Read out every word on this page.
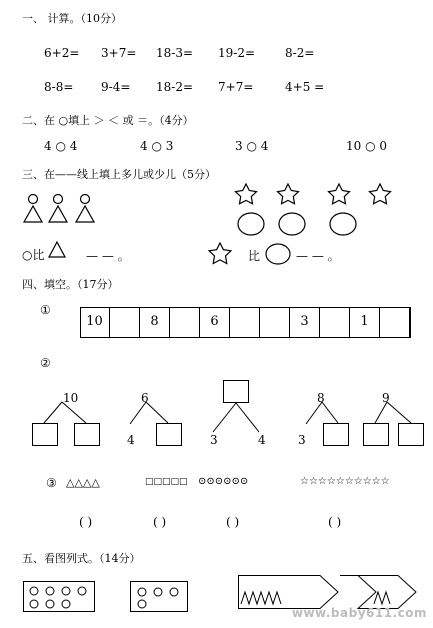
一、 计算。（10分）
6+2= 3+7= 18-3= 19-2= 8-2=
8-8= 9-4= 18-2= 7+7=	4+5 =
二、在 ○填上 ＞ ＜ 或 ＝。（4分）
4 ○ 4	4 ○ 3	3 ○ 4	10 ○ 0
三、在——线上填上多儿或少儿（5分）
○比	— — 。	比	— — 。
四、填空。（17分）
①
10	8	6	3	1
②
10	6
4	3	4
8
3
9
③ △△△△	□□□□□ ⊙⊙⊙⊙⊙⊙	☆☆☆☆☆☆☆☆☆☆
( )	( )	( )	( )
五、看图列式。（14分）
www.baby611.com
